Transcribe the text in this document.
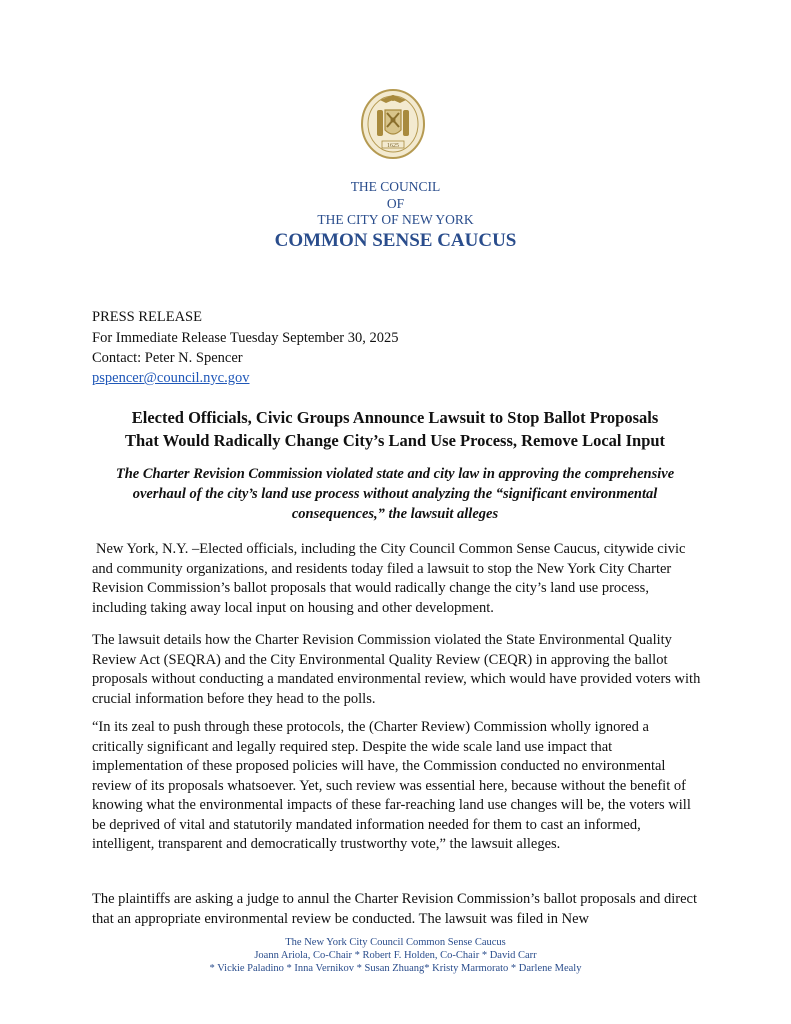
1625
THE COUNCIL
OF
THE CITY OF NEW YORK
COMMON SENSE CAUCUS
PRESS RELEASE
For Immediate Release Tuesday September 30, 2025
Contact: Peter N. Spencer
pspencer@council.nyc.gov
Elected Officials, Civic Groups Announce Lawsuit to Stop Ballot Proposals
That Would Radically Change City’s Land Use Process, Remove Local Input
The Charter Revision Commission violated state and city law in approving the comprehensive
overhaul of the city’s land use process without analyzing the “significant environmental
consequences,” the lawsuit alleges
New York, N.Y. –Elected officials, including the City Council Common Sense Caucus, citywide civic and community organizations, and residents today filed a lawsuit to stop the New York City Charter Revision Commission’s ballot proposals that would radically change the city’s land use process, including taking away local input on housing and other development.
The lawsuit details how the Charter Revision Commission violated the State Environmental Quality Review Act (SEQRA) and the City Environmental Quality Review (CEQR) in approving the ballot proposals without conducting a mandated environmental review, which would have provided voters with crucial information before they head to the polls.
“In its zeal to push through these protocols, the (Charter Review) Commission wholly ignored a critically significant and legally required step. Despite the wide scale land use impact that implementation of these proposed policies will have, the Commission conducted no environmental review of its proposals whatsoever. Yet, such review was essential here, because without the benefit of knowing what the environmental impacts of these far-reaching land use changes will be, the voters will be deprived of vital and statutorily mandated information needed for them to cast an informed, intelligent, transparent and democratically trustworthy vote,” the lawsuit alleges.
The plaintiffs are asking a judge to annul the Charter Revision Commission’s ballot proposals and direct that an appropriate environmental review be conducted. The lawsuit was filed in New
The New York City Council Common Sense Caucus
Joann Ariola, Co-Chair * Robert F. Holden, Co-Chair * David Carr
* Vickie Paladino * Inna Vernikov * Susan Zhuang* Kristy Marmorato * Darlene Mealy
